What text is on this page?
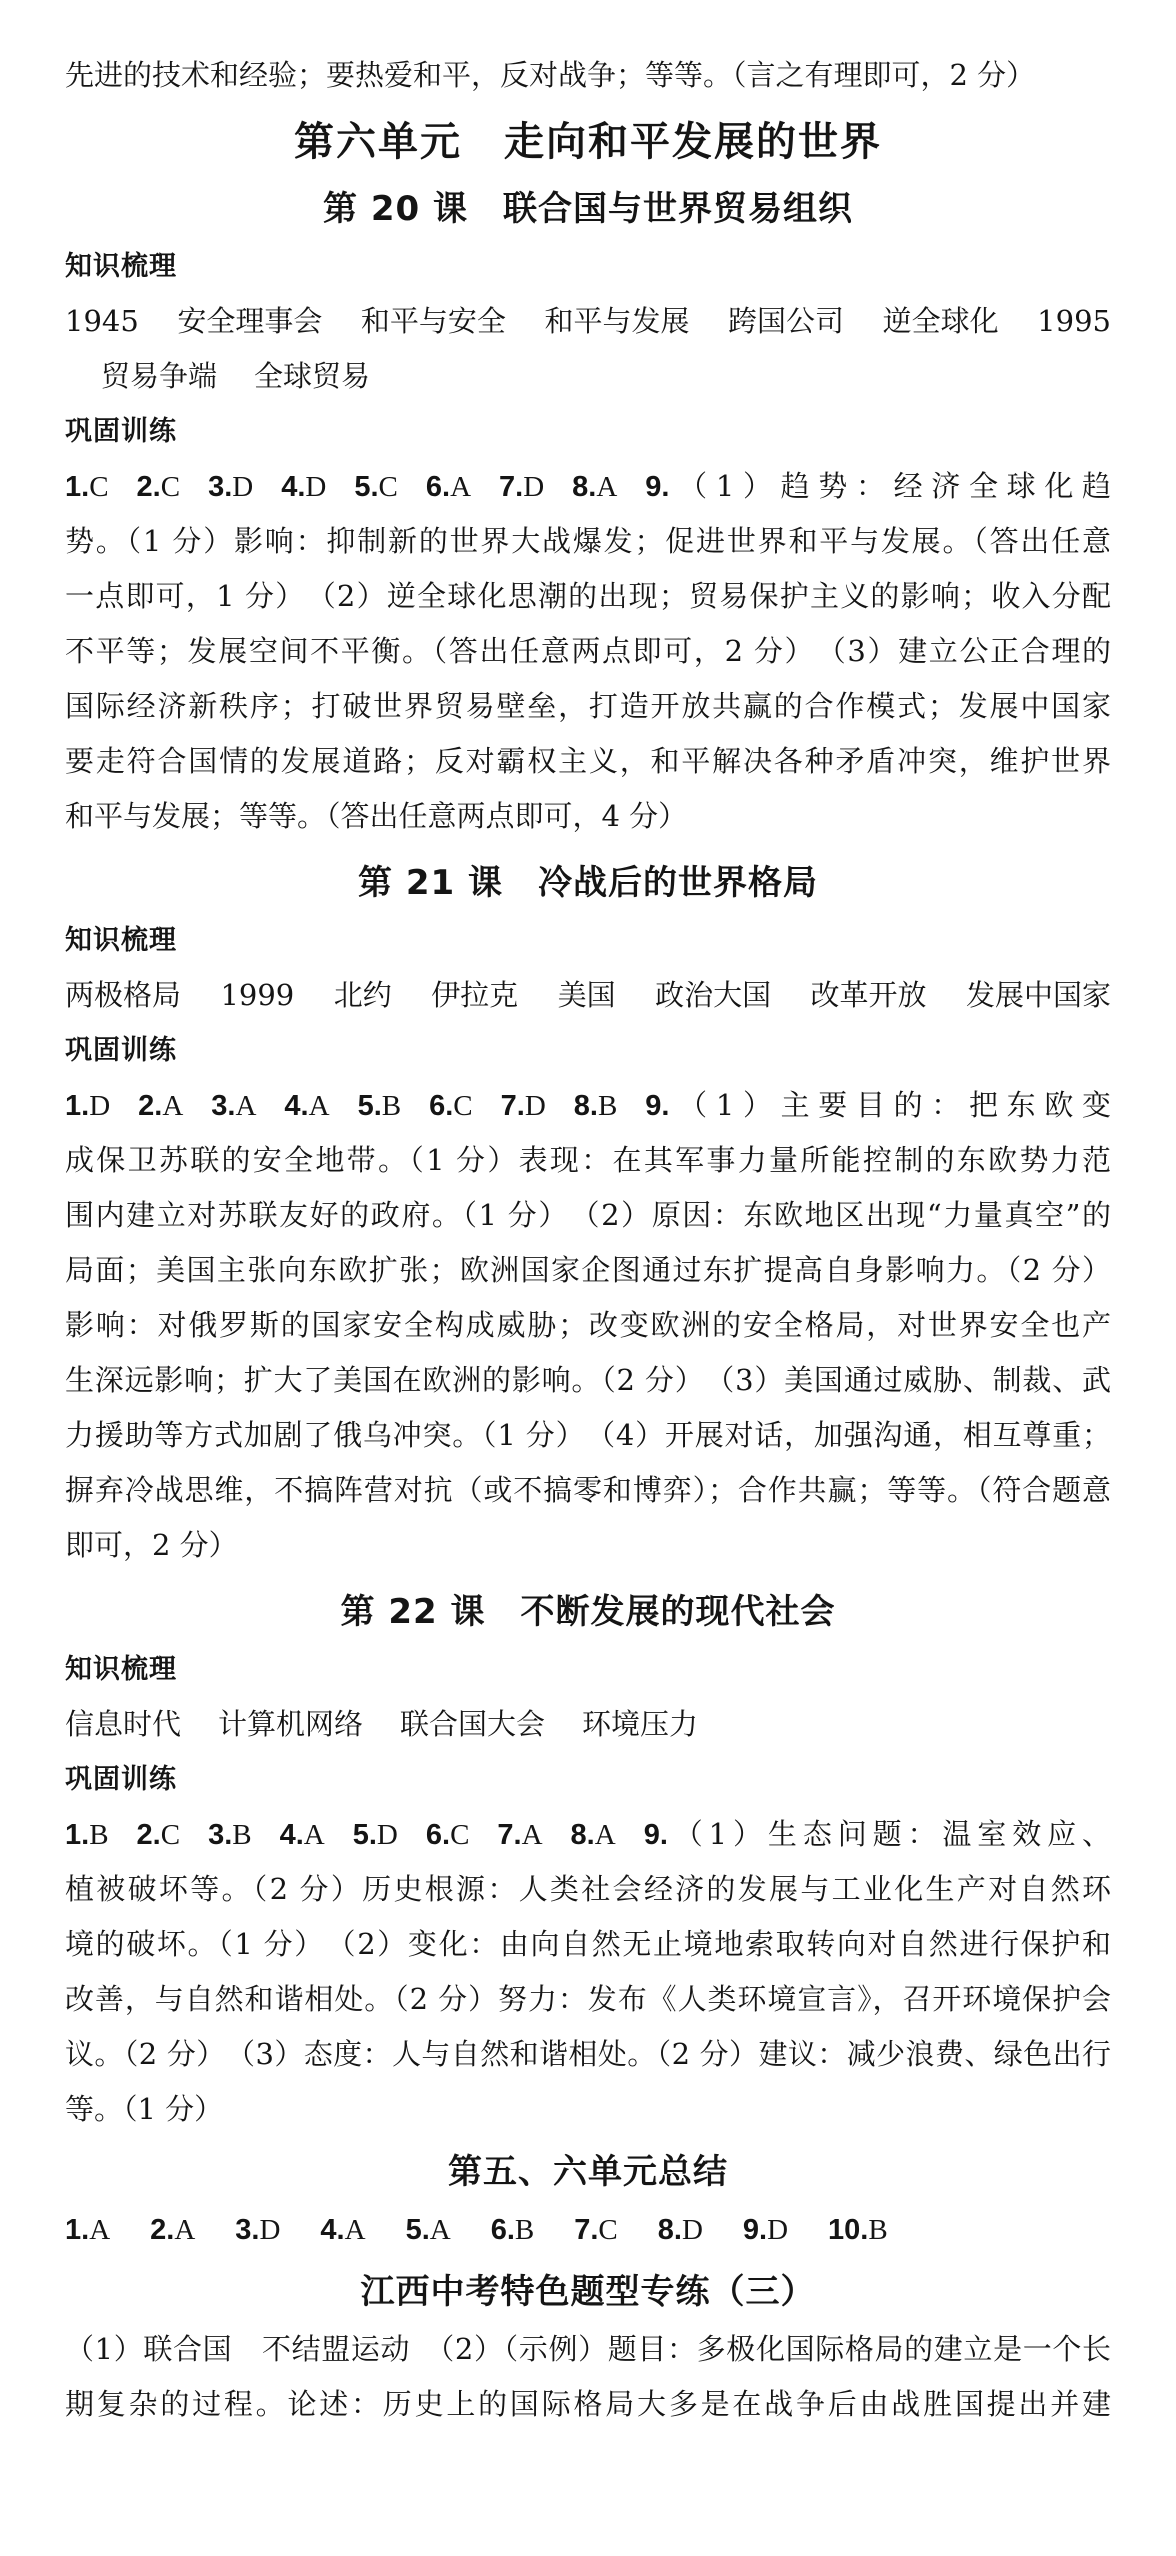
先进的技术和经验；要热爱和平，反对战争；等等。（言之有理即可，2 分）
第六单元　走向和平发展的世界
第 20 课　联合国与世界贸易组织
知识梳理
1945 安全理事会 和平与安全 和平与发展 跨国公司 逆全球化 1995
贸易争端 全球贸易
巩固训练
1.C 2.C 3.D 4.D 5.C 6.A 7.D 8.A 9.（1）趋势：经济全球化趋
势。（1 分）影响：抑制新的世界大战爆发；促进世界和平与发展。（答出任意
一点即可，1 分）　（2）逆全球化思潮的出现；贸易保护主义的影响；收入分配
不平等；发展空间不平衡。（答出任意两点即可，2 分）　（3）建立公正合理的
国际经济新秩序；打破世界贸易壁垒，打造开放共赢的合作模式；发展中国家
要走符合国情的发展道路；反对霸权主义，和平解决各种矛盾冲突，维护世界
和平与发展；等等。（答出任意两点即可，4 分）
第 21 课　冷战后的世界格局
知识梳理
两极格局 1999 北约 伊拉克 美国 政治大国 改革开放 发展中国家
巩固训练
1.D 2.A 3.A 4.A 5.B 6.C 7.D 8.B 9.（1）主要目的：把东欧变
成保卫苏联的安全地带。（1 分）表现：在其军事力量所能控制的东欧势力范
围内建立对苏联友好的政府。（1 分）　（2）原因：东欧地区出现“力量真空”的
局面；美国主张向东欧扩张；欧洲国家企图通过东扩提高自身影响力。（2 分）
影响：对俄罗斯的国家安全构成威胁；改变欧洲的安全格局，对世界安全也产
生深远影响；扩大了美国在欧洲的影响。（2 分）　（3）美国通过威胁、制裁、武
力援助等方式加剧了俄乌冲突。（1 分）　（4）开展对话，加强沟通，相互尊重；
摒弃冷战思维，不搞阵营对抗（或不搞零和博弈）；合作共赢；等等。（符合题意
即可，2 分）
第 22 课　不断发展的现代社会
知识梳理
信息时代 计算机网络 联合国大会 环境压力
巩固训练
1.B 2.C 3.B 4.A 5.D 6.C 7.A 8.A 9.（1）生态问题：温室效应、
植被破坏等。（2 分）历史根源：人类社会经济的发展与工业化生产对自然环
境的破坏。（1 分）　（2）变化：由向自然无止境地索取转向对自然进行保护和
改善，与自然和谐相处。（2 分）努力：发布《人类环境宣言》，召开环境保护会
议。（2 分）　（3）态度：人与自然和谐相处。（2 分）建议：减少浪费、绿色出行
等。（1 分）
第五、六单元总结
1.A 2.A 3.D 4.A 5.A 6.B 7.C 8.D 9.D 10.B
江西中考特色题型专练（三）
（1）联合国　不结盟运动　（2）（示例）题目：多极化国际格局的建立是一个长
期复杂的过程。论述：历史上的国际格局大多是在战争后由战胜国提出并建
